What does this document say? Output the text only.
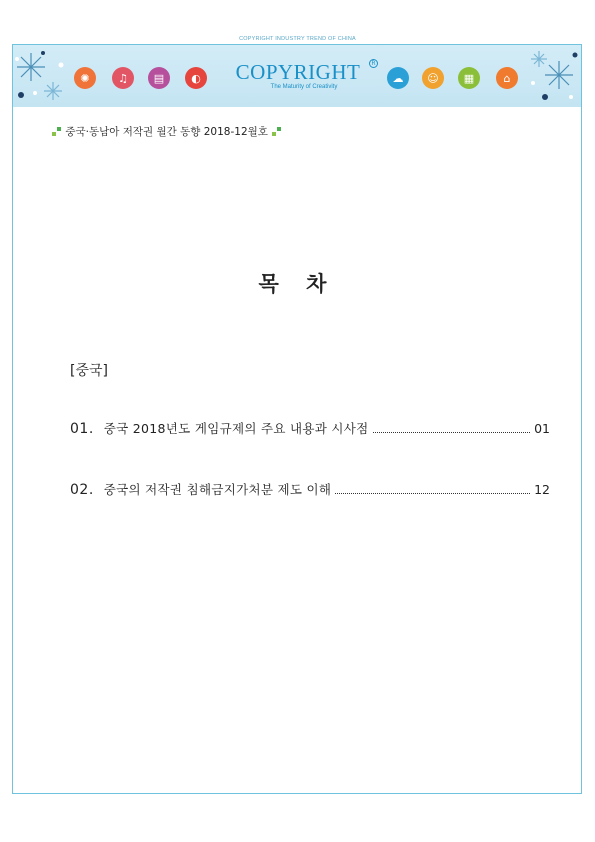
COPYRIGHT INDUSTRY TREND OF CHINA
✺	♫	▤	◐ COPYRIGHT
The Maturity of Creativity
R
☁	☺	▦	⌂
중국·동남아 저작권 월간 동향 2018-12월호
목 차
[중국]
01. 중국 2018년도 게임규제의 주요 내용과 시사점	01
02. 중국의 저작권 침해금지가처분 제도 이해	12
